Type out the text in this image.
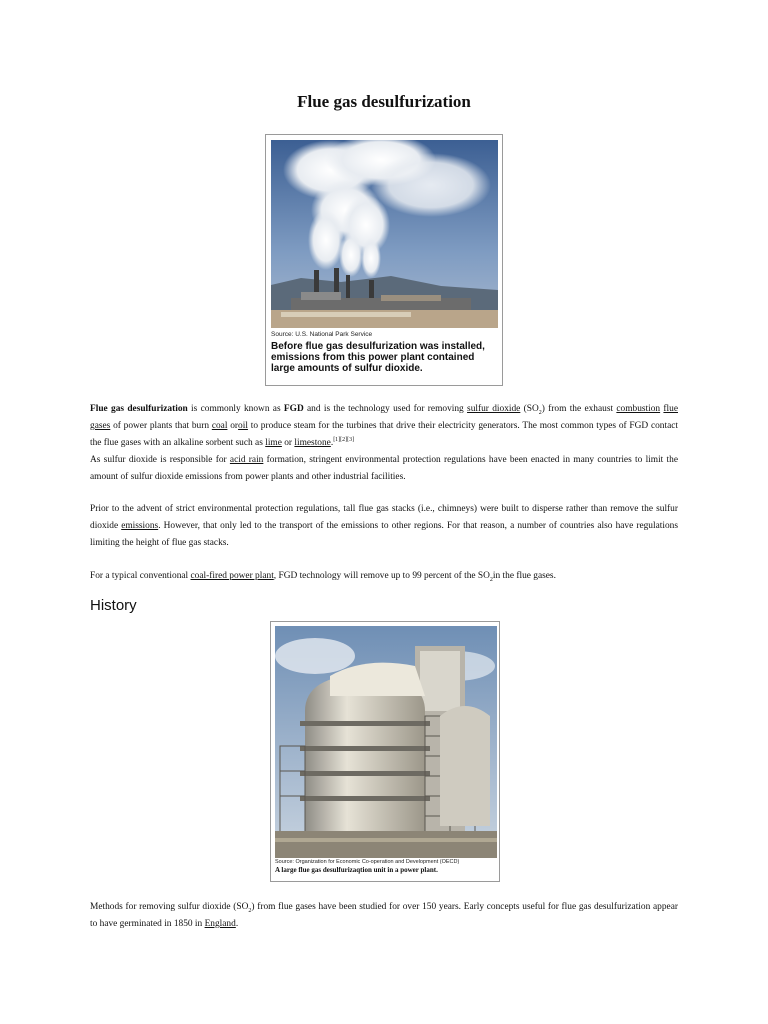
Flue gas desulfurization
Source: U.S. National Park Service
Before flue gas desulfurization was installed, emissions from this power plant contained large amounts of sulfur dioxide.

Flue gas desulfurization is commonly known as FGD and is the technology used for removing sulfur dioxide $(SO_2)$ from the exhaust combustion flue gases of power plants that burn coal oroil to produce steam for the turbines that drive their electricity generators. The most common types of FGD contact the flue gases with an alkaline sorbent such as lime or limestone.[1][2][3]

As sulfur dioxide is responsible for acid rain formation, stringent environmental protection regulations have been enacted in many countries to limit the amount of sulfur dioxide emissions from power plants and other industrial facilities.

Prior to the advent of strict environmental protection regulations, tall flue gas stacks (i.e., chimneys) were built to disperse rather than remove the sulfur dioxide emissions. However, that only led to the transport of the emissions to other regions. For that reason, a number of countries also have regulations limiting the height of flue gas stacks.

For a typical conventional coal-fired power plant, FGD technology will remove up to 99 percent of the $SO_2in$ the flue gases.

History
Source: Organization for Economic Co-operation and Development (OECD)
A large flue gas desulfurizaqtion unit in a power plant.

Methods for removing sulfur dioxide $(SO_2)$ from flue gases have been studied for over 150 years. Early concepts useful for flue gas desulfurization appear to have germinated in 1850 in England.
